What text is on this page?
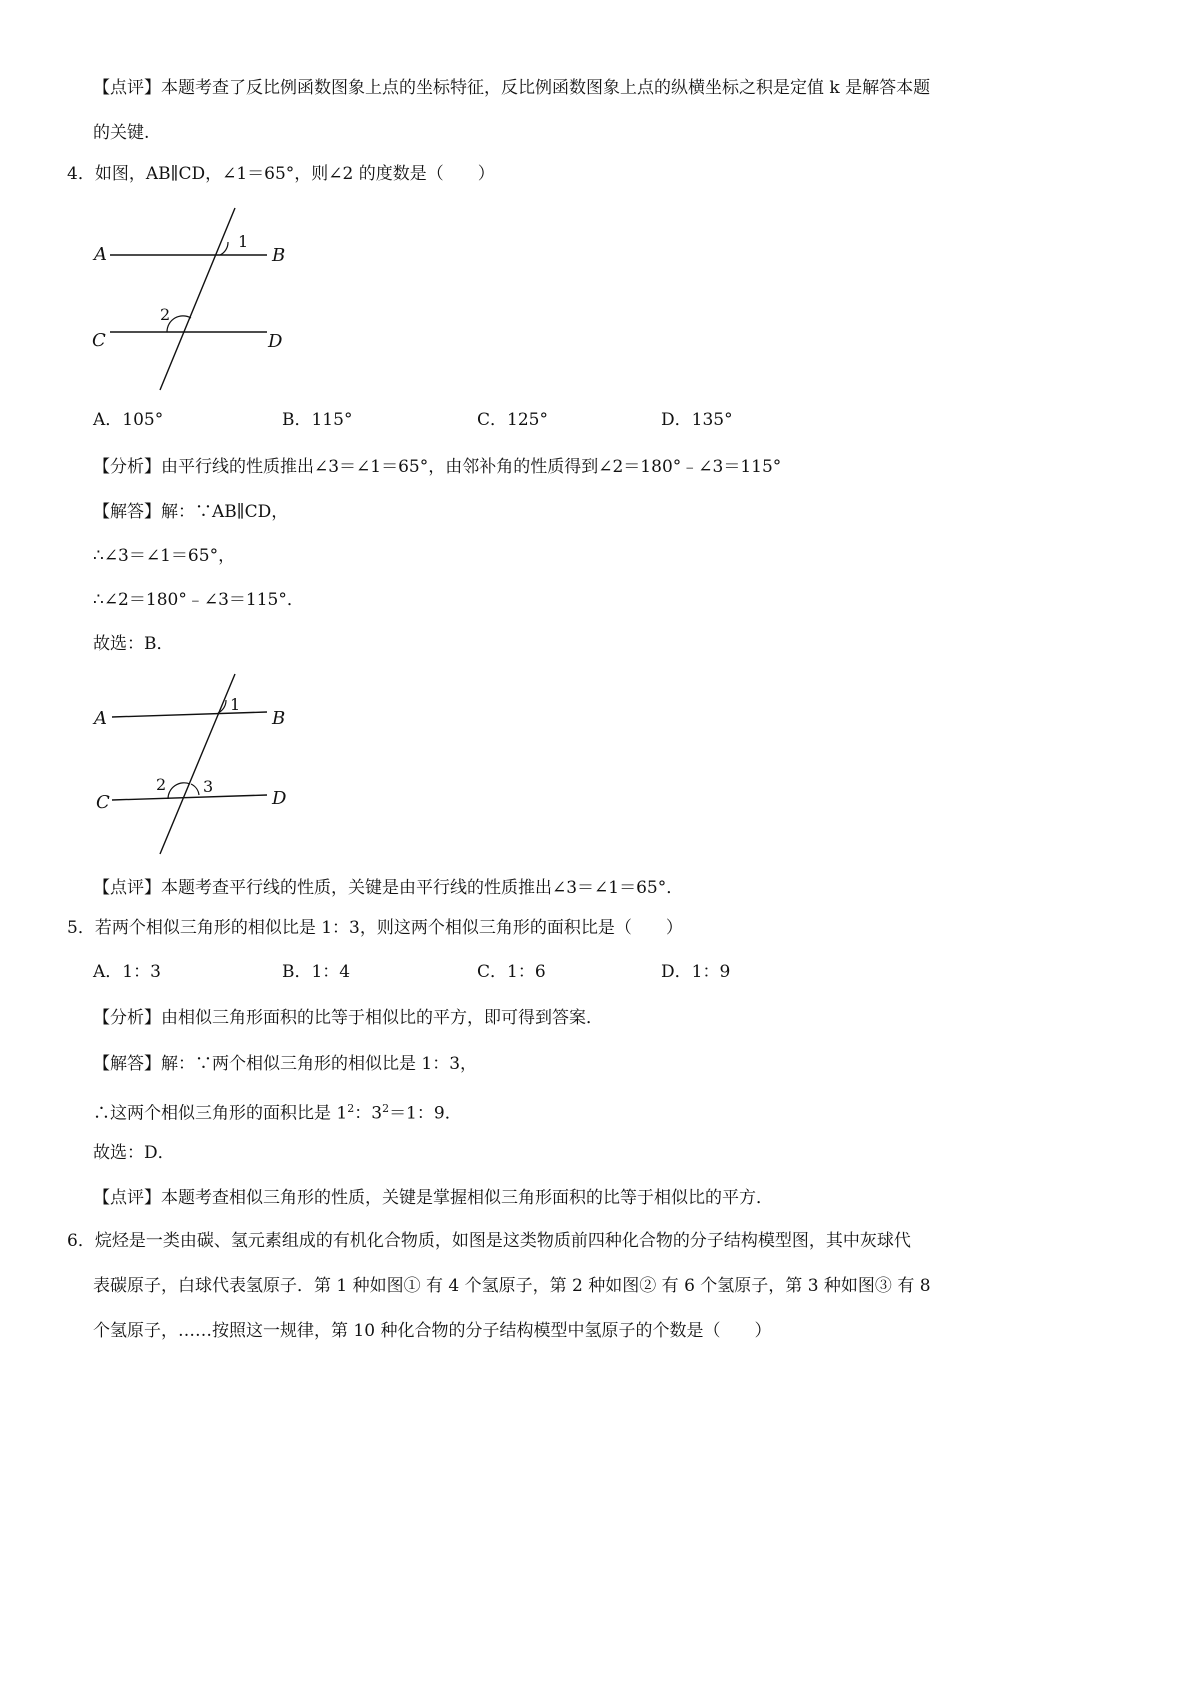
【点评】本题考查了反比例函数图象上点的坐标特征，反比例函数图象上点的纵横坐标之积是定值 k 是解答本题
的关键.
4．如图，AB∥CD，∠1＝65°，则∠2 的度数是（　　）
A	B
C	D
1
2
A．105°	B．115°	C．125°	D．135°
【分析】由平行线的性质推出∠3＝∠1＝65°，由邻补角的性质得到∠2＝180°﹣∠3＝115°
【解答】解：∵AB∥CD，
∴∠3＝∠1＝65°，
∴∠2＝180°﹣∠3＝115°．
故选：B．
A	B
C	D
1
2 3
【点评】本题考查平行线的性质，关键是由平行线的性质推出∠3＝∠1＝65°．
5．若两个相似三角形的相似比是 1：3，则这两个相似三角形的面积比是（　　）
A．1：3	B．1：4	C．1：6	D．1：9
【分析】由相似三角形面积的比等于相似比的平方，即可得到答案．
【解答】解：∵两个相似三角形的相似比是 1：3，
∴这两个相似三角形的面积比是 $1^2$：$3^2=1$：9．
故选：D．
【点评】本题考查相似三角形的性质，关键是掌握相似三角形面积的比等于相似比的平方．
6．烷烃是一类由碳、氢元素组成的有机化合物质，如图是这类物质前四种化合物的分子结构模型图，其中灰球代
表碳原子，白球代表氢原子．第 1 种如图① 有 4 个氢原子，第 2 种如图② 有 6 个氢原子，第 3 种如图③ 有 8
个氢原子，……按照这一规律，第 10 种化合物的分子结构模型中氢原子的个数是（　　）
